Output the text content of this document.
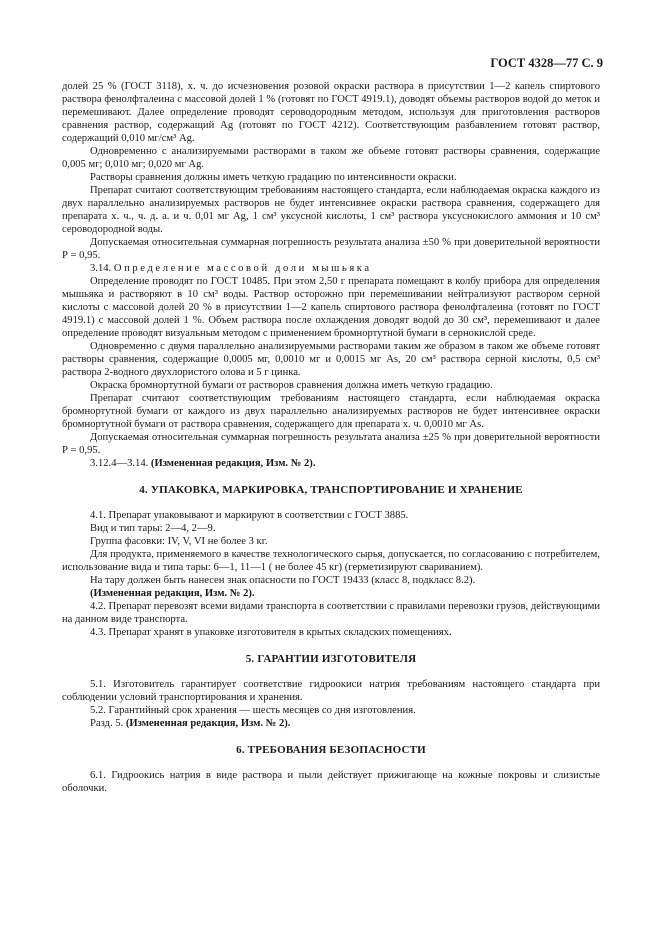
ГОСТ 4328—77 С. 9

долей 25 % (ГОСТ 3118), х. ч. до исчезновения розовой окраски раствора в присутствии 1—2 капель спиртового раствора фенолфталеина с массовой долей 1 % (готовят по ГОСТ 4919.1), доводят объемы растворов водой до меток и перемешивают. Далее определение проводят сероводородным методом, используя для приготовления растворов сравнения раствор, содержащий Ag (готовят по ГОСТ 4212). Соответствующим разбавлением готовят раствор, содержащий 0,010 мг/см³ Ag.

Одновременно с анализируемыми растворами в таком же объеме готовят растворы сравнения, содержащие 0,005 мг; 0,010 мг; 0,020 мг Ag.

Растворы сравнения должны иметь четкую градацию по интенсивности окраски.

Препарат считают соответствующим требованиям настоящего стандарта, если наблюдаемая окраска каждого из двух параллельно анализируемых растворов не будет интенсивнее окраски раствора сравнения, содержащего для препарата х. ч., ч. д. а. и ч. 0,01 мг Ag, 1 см³ уксусной кислоты, 1 см³ раствора уксуснокислого аммония и 10 см³ сероводородной воды.

Допускаемая относительная суммарная погрешность результата анализа ±50 % при доверительной вероятности Р = 0,95.

3.14. Определение массовой доли мышьяка

Определение проводят по ГОСТ 10485. При этом 2,50 г препарата помещают в колбу прибора для определения мышьяка и растворяют в 10 см³ воды. Раствор осторожно при перемешивании нейтрализуют раствором серной кислоты с массовой долей 20 % в присутствии 1—2 капель спиртового раствора фенолфталеина (готовят по ГОСТ 4919.1) с массовой долей 1 %. Объем раствора после охлаждения доводят водой до 30 см³, перемешивают и далее определение проводят визуальным методом с применением бромнортутной бумаги в сернокислой среде.

Одновременно с двумя параллельно анализируемыми растворами таким же образом в таком же объеме готовят растворы сравнения, содержащие 0,0005 мг, 0,0010 мг и 0,0015 мг As, 20 см³ раствора серной кислоты, 0,5 см³ раствора 2-водного двухлористого олова и 5 г цинка.

Окраска бромнортутной бумаги от растворов сравнения должна иметь четкую градацию.

Препарат считают соответствующим требованиям настоящего стандарта, если наблюдаемая окраска бромнортутной бумаги от каждого из двух параллельно анализируемых растворов не будет интенсивнее окраски бромнортутной бумаги от раствора сравнения, содержащего для препарата х. ч. 0,0010 мг As.

Допускаемая относительная суммарная погрешность результата анализа ±25 % при доверительной вероятности Р = 0,95.

3.12.4—3.14. (Измененная редакция, Изм. № 2).

4. УПАКОВКА, МАРКИРОВКА, ТРАНСПОРТИРОВАНИЕ И ХРАНЕНИЕ

4.1. Препарат упаковывают и маркируют в соответствии с ГОСТ 3885.

Вид и тип тары: 2—4, 2—9.

Группа фасовки: IV, V, VI не более 3 кг.

Для продукта, применяемого в качестве технологического сырья, допускается, по согласованию с потребителем, использование вида и типа тары: 6—1, 11—1 ( не более 45 кг) (герметизируют свариванием).

На тару должен быть нанесен знак опасности по ГОСТ 19433 (класс 8, подкласс 8.2).

(Измененная редакция, Изм. № 2).

4.2. Препарат перевозят всеми видами транспорта в соответствии с правилами перевозки грузов, действующими на данном виде транспорта.

4.3. Препарат хранят в упаковке изготовителя в крытых складских помещениях.

5. ГАРАНТИИ ИЗГОТОВИТЕЛЯ

5.1. Изготовитель гарантирует соответствие гидроокиси натрия требованиям настоящего стандарта при соблюдении условий транспортирования и хранения.

5.2. Гарантийный срок хранения — шесть месяцев со дня изготовления.

Разд. 5. (Измененная редакция, Изм. № 2).

6. ТРЕБОВАНИЯ БЕЗОПАСНОСТИ

6.1. Гидроокись натрия в виде раствора и пыли действует прижигающе на кожные покровы и слизистые оболочки.
